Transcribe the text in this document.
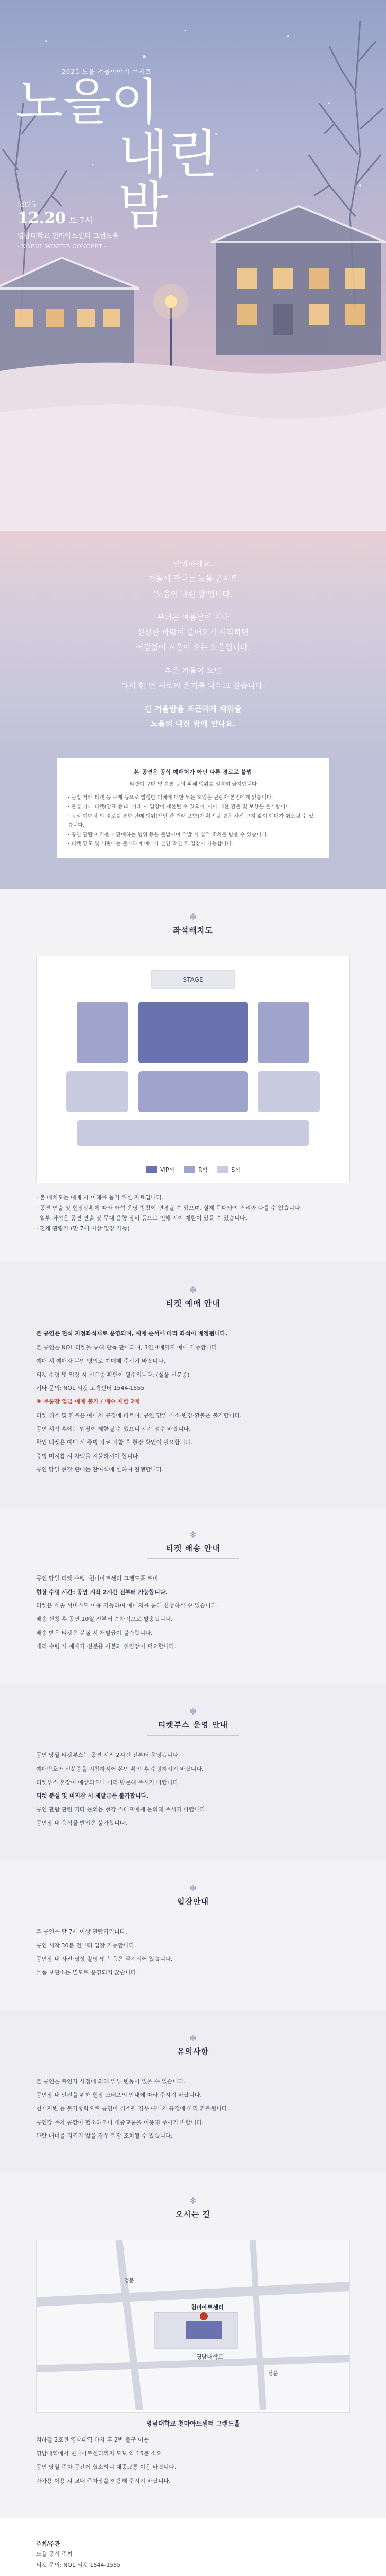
2025 노을 겨울이야기 콘서트
노을이
내린 밤
2025
12.20 토 7시
영남대학교 천마아트센터 그랜드홀
· NOEUL WINTER CONCERT ·

안녕하세요.
겨울에 만나는 노을 콘서트
'노을이 내린 밤'입니다.

무더운 여름날이 지나
선선한 바람이 불어오기 시작하면
어김없이 겨울이 오는 노을입니다.

추운 겨울이 오면
다시 한 번 서로의 온기를 나누고 싶습니다.

긴 겨울밤을 포근하게 채워줄
노을의 내린 밤에 만나요.

본 공연은 공식 예매처가 아닌 다른 경로로 불법
티켓이 구매 및 유통 등의 피해 행위를 엄격히 금지합니다
· 불법 거래 티켓 등 구매 등으로 발생한 피해에 대한 모든 책임은 관람자 본인에게 있습니다.
· 불법 거래 티켓(암표 등)의 거래 시 입장이 제한될 수 있으며, 이에 대한 환불 및 보상은 불가합니다.
· 공식 예매처 외 경로를 통한 판매 행위(개인 간 거래 포함)가 확인될 경우 사전 고지 없이 예매가 취소될 수 있습니다.
· 공연 관람 자격을 재판매하는 행위 등은 불법이며 적발 시 법적 조치를 받을 수 있습니다.
· 티켓 양도 및 재판매는 불가하며 예매자 본인 확인 후 입장이 가능합니다.
❄
좌석배치도
STAGE
VIP석	R석	S석

· 본 배치도는 예매 시 이해를 돕기 위한 자료입니다.

· 공연 연출 및 현장상황에 따라 좌석 운영 방침이 변경될 수 있으며, 실제 무대와의 거리와 다를 수 있습니다.

· 일부 좌석은 공연 연출 및 무대 음향 장비 등으로 인해 시야 제한이 있을 수 있습니다.

· 전체 관람가 (만 7세 이상 입장 가능)

❄
티켓 예매 안내

본 공연은 전석 지정좌석제로 운영되며, 예매 순서에 따라 좌석이 배정됩니다.

본 공연은 NOL 티켓을 통해 단독 판매되며, 1인 4매까지 예매 가능합니다.

예매 시 예매자 본인 명의로 예매해 주시기 바랍니다.

티켓 수령 및 입장 시 신분증 확인이 필수입니다. (실물 신분증)

기타 문의: NOL 티켓 고객센터 1544-1555

※ 무통장 입금 예매 불가 / 매수 제한 2매

티켓 취소 및 환불은 예매처 규정에 따르며, 공연 당일 취소·변경·환불은 불가합니다.

공연 시작 후에는 입장이 제한될 수 있으니 시간 엄수 바랍니다.

할인 티켓은 예매 시 증빙 자료 지참 후 현장 확인이 필요합니다.

증빙 미지참 시 차액을 지불하셔야 합니다.

공연 당일 현장 판매는 잔여석에 한하여 진행합니다.

❄
티켓 배송 안내

공연 당일 티켓 수령: 천마아트센터 그랜드홀 로비

현장 수령 시간: 공연 시작 2시간 전부터 가능합니다.

티켓은 배송 서비스도 이용 가능하며 예매처를 통해 신청하실 수 있습니다.

배송 신청 후 공연 10일 전부터 순차적으로 발송됩니다.

배송 받은 티켓은 분실 시 재발급이 불가합니다.

대리 수령 시 예매자 신분증 사본과 위임장이 필요합니다.

❄
티켓부스 운영 안내

공연 당일 티켓부스는 공연 시작 2시간 전부터 운영됩니다.

예매번호와 신분증을 지참하시어 본인 확인 후 수령하시기 바랍니다.

티켓부스 혼잡이 예상되오니 미리 방문해 주시기 바랍니다.

티켓 분실 및 미지참 시 재발급은 불가합니다.

공연 관람 관련 기타 문의는 현장 스태프에게 문의해 주시기 바랍니다.

공연장 내 음식물 반입은 불가합니다.

❄
입장안내

본 공연은 만 7세 이상 관람가입니다.

공연 시작 30분 전부터 입장 가능합니다.

공연장 내 사진·영상 촬영 및 녹음은 금지되어 있습니다.

물품 보관소는 별도로 운영되지 않습니다.

❄
유의사항

본 공연은 출연자 사정에 의해 일부 변동이 있을 수 있습니다.

공연장 내 안전을 위해 현장 스태프의 안내에 따라 주시기 바랍니다.

천재지변 등 불가항력으로 공연이 취소될 경우 예매처 규정에 따라 환불됩니다.

공연장 주차 공간이 협소하오니 대중교통을 이용해 주시기 바랍니다.

관람 매너를 지키지 않을 경우 퇴장 조치될 수 있습니다.

❄
오시는 길
영남대학교
천마아트센터
정문
남문
영남대학교 천마아트센터 그랜드홀

지하철 2호선 영남대역 하차 후 2번 출구 이용

영남대역에서 천마아트센터까지 도보 약 15분 소요

공연 당일 주차 공간이 협소하니 대중교통 이용 바랍니다.

자가용 이용 시 교내 주차장을 이용해 주시기 바랍니다.

주최/주관
노을 공식 주최
티켓 문의: NOL 티켓 1544-1555
